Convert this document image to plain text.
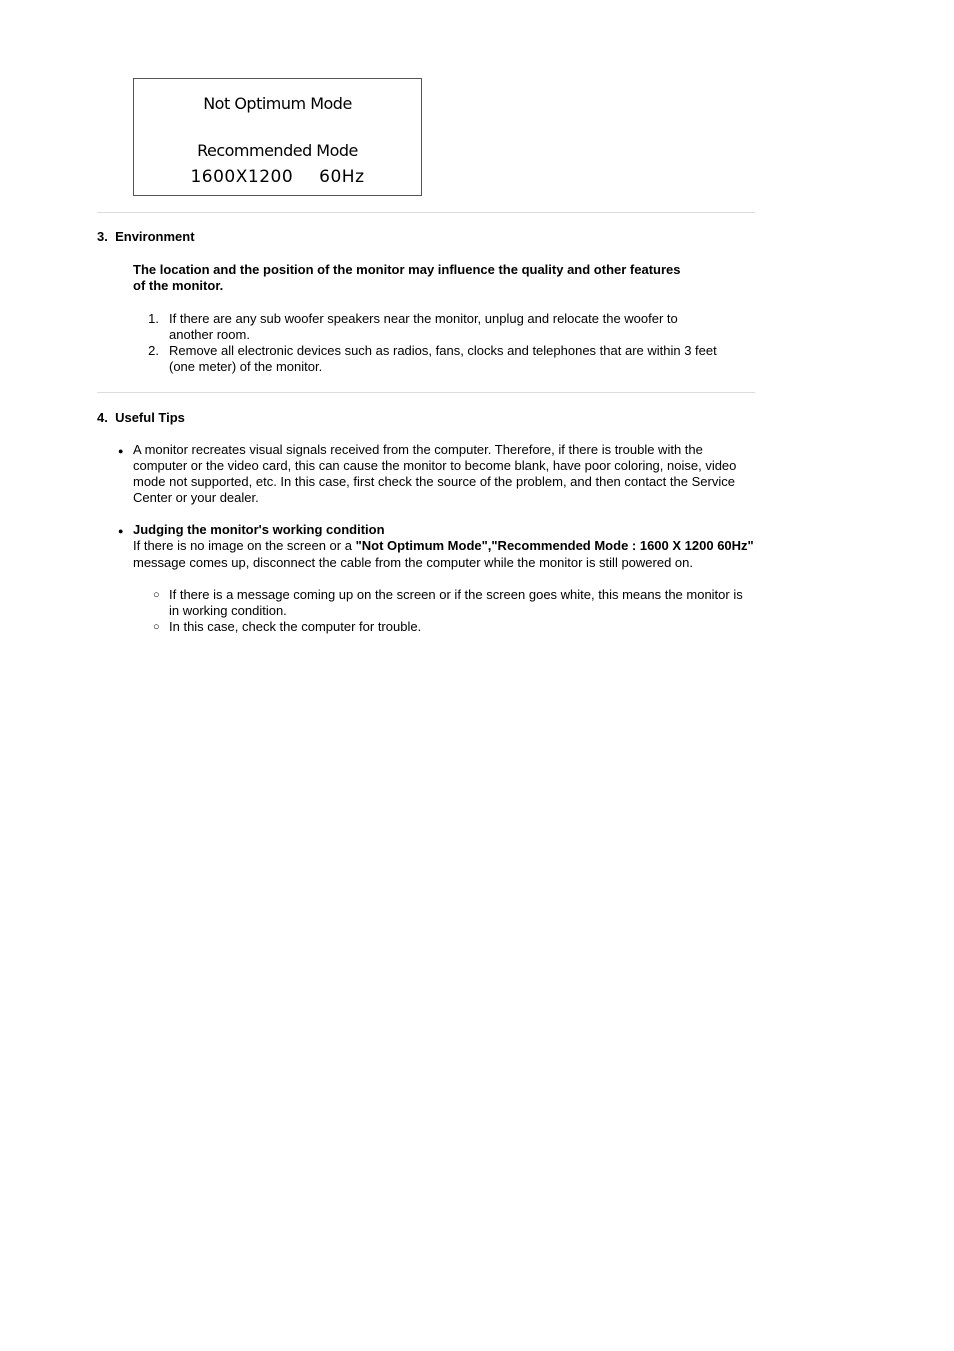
Not Optimum Mode
Recommended Mode
1600X1200 60Hz
3. Environment
The location and the position of the monitor may influence the quality and other features of the monitor.
1. If there are any sub woofer speakers near the monitor, unplug and relocate the woofer to another room.
2. Remove all electronic devices such as radios, fans, clocks and telephones that are within 3 feet (one meter) of the monitor.
4. Useful Tips
● A monitor recreates visual signals received from the computer. Therefore, if there is trouble with the computer or the video card, this can cause the monitor to become blank, have poor coloring, noise, video mode not supported, etc. In this case, first check the source of the problem, and then contact the Service Center or your dealer.
● Judging the monitor's working condition
If there is no image on the screen or a "Not Optimum Mode","Recommended Mode : 1600 X 1200 60Hz" message comes up, disconnect the cable from the computer while the monitor is still powered on.
○ If there is a message coming up on the screen or if the screen goes white, this means the monitor is in working condition.
○ In this case, check the computer for trouble.
